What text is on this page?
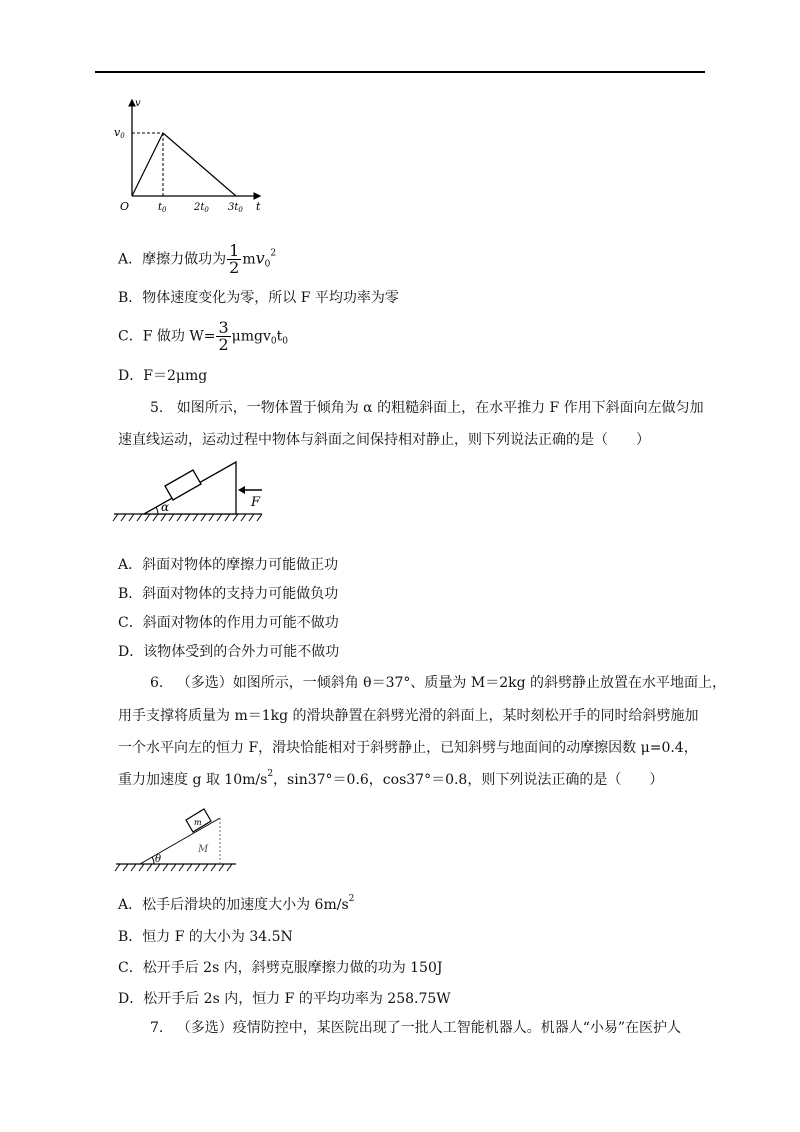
v
v0
O	$t_0$	$2t_0$ $3t_0$ t
A．摩擦力做功为 $\frac{1}{2} mv_0^2$
B．物体速度变化为零，所以 F 平均功率为零
C．F 做功 $W= \frac{3}{2} \mu mgv_0t_0$
D．F＝2μmg
5. 如图所示，一物体置于倾角为 α 的粗糙斜面上，在水平推力 F 作用下斜面向左做匀加
速直线运动，运动过程中物体与斜面之间保持相对静止，则下列说法正确的是（　　）
α	F
A．斜面对物体的摩擦力可能做正功
B．斜面对物体的支持力可能做负功
C．斜面对物体的作用力可能不做功
D．该物体受到的合外力可能不做功
6. （多选）如图所示，一倾斜角 θ＝37°、质量为 M＝2kg 的斜劈静止放置在水平地面上，
用手支撑将质量为 m＝1kg 的滑块静置在斜劈光滑的斜面上，某时刻松开手的同时给斜劈施加
一个水平向左的恒力 F，滑块恰能相对于斜劈静止，已知斜劈与地面间的动摩擦因数 μ=0.4，
重力加速度 g 取 $10m/s^2$，sin37°＝0.6，cos37°＝0.8，则下列说法正确的是（　　）
m
M
θ
A．松手后滑块的加速度大小为 $6m/s^2$
B．恒力 F 的大小为 34.5N
C．松开手后 2s 内，斜劈克服摩擦力做的功为 150J
D．松开手后 2s 内，恒力 F 的平均功率为 258.75W
7. （多选）疫情防控中，某医院出现了一批人工智能机器人。机器人“小易”在医护人
